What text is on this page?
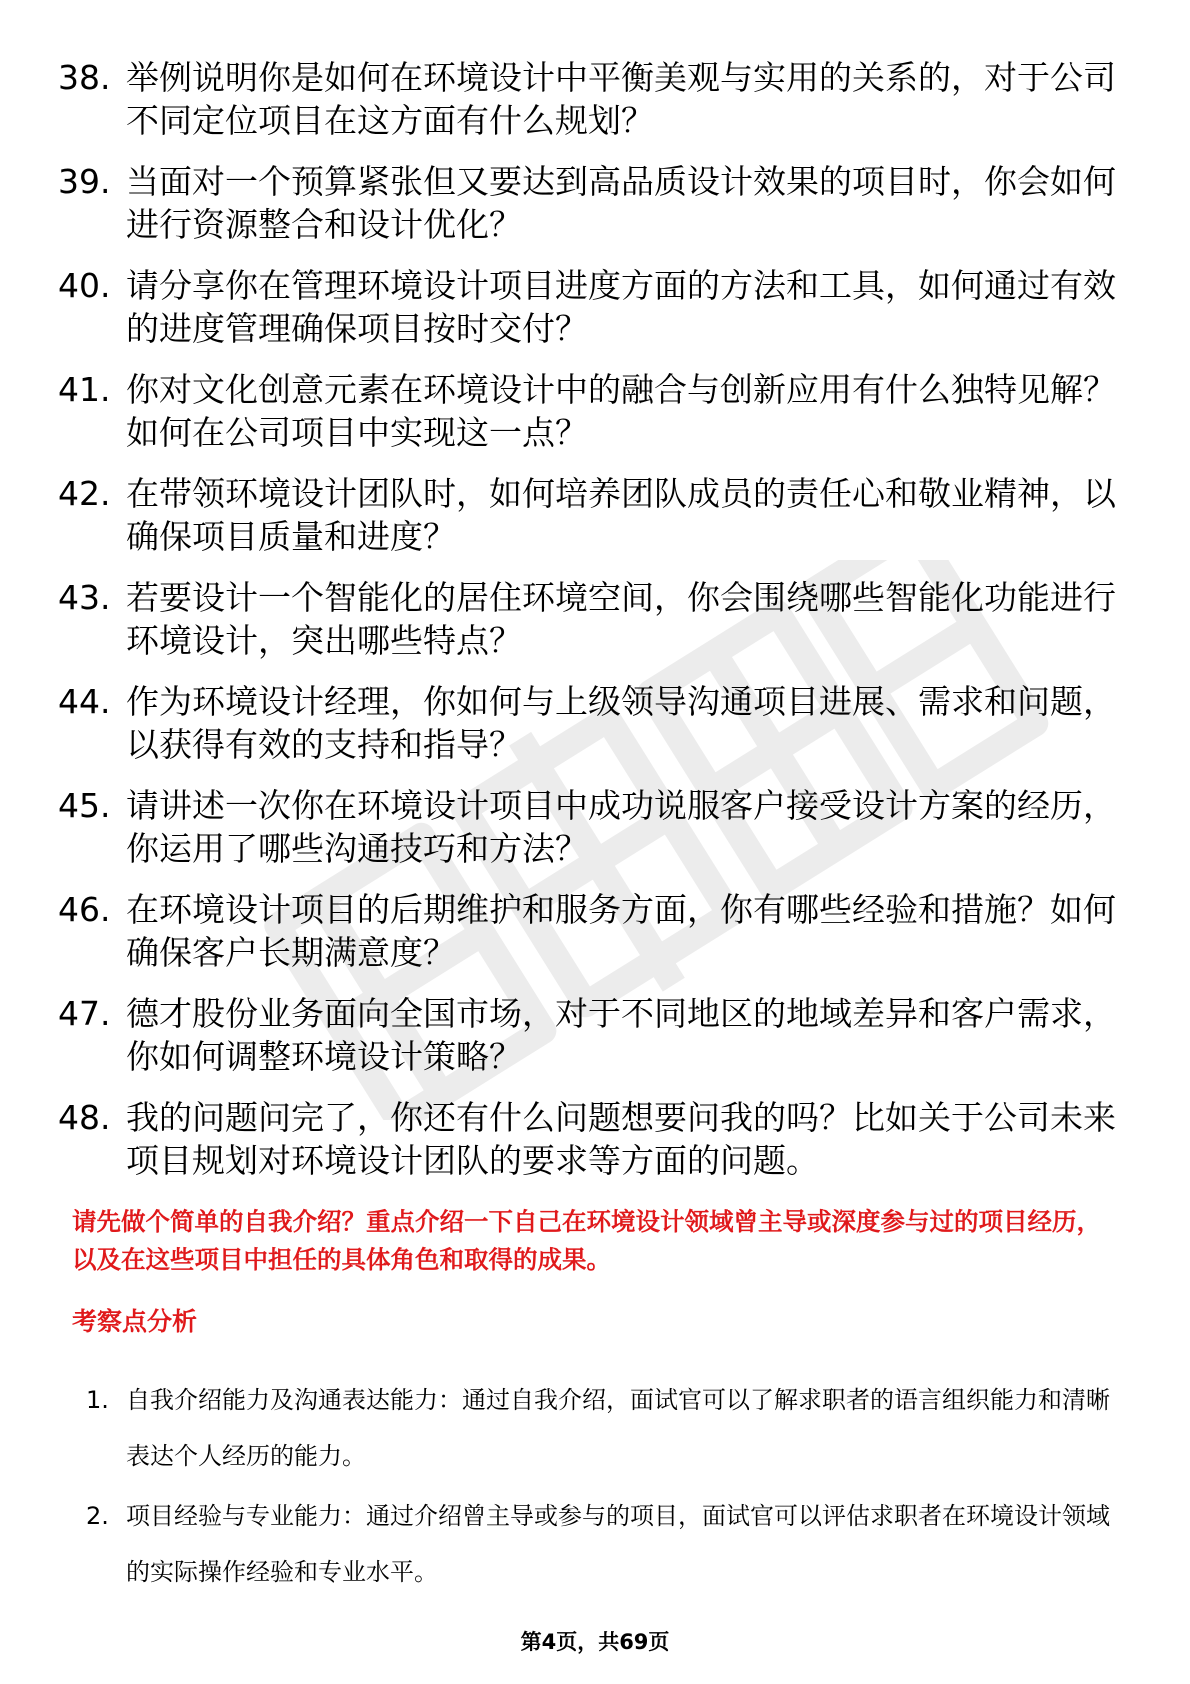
38. 举例说明你是如何在环境设计中平衡美观与实用的关系的，对于公司不同定位项目在这方面有什么规划？
39. 当面对一个预算紧张但又要达到高品质设计效果的项目时，你会如何进行资源整合和设计优化？
40. 请分享你在管理环境设计项目进度方面的方法和工具，如何通过有效的进度管理确保项目按时交付？
41. 你对文化创意元素在环境设计中的融合与创新应用有什么独特见解？如何在公司项目中实现这一点？
42. 在带领环境设计团队时，如何培养团队成员的责任心和敬业精神，以确保项目质量和进度？
43. 若要设计一个智能化的居住环境空间，你会围绕哪些智能化功能进行环境设计，突出哪些特点？
44. 作为环境设计经理，你如何与上级领导沟通项目进展、需求和问题，以获得有效的支持和指导？
45. 请讲述一次你在环境设计项目中成功说服客户接受设计方案的经历，你运用了哪些沟通技巧和方法？
46. 在环境设计项目的后期维护和服务方面，你有哪些经验和措施？如何确保客户长期满意度？
47. 德才股份业务面向全国市场，对于不同地区的地域差异和客户需求，你如何调整环境设计策略？
48. 我的问题问完了，你还有什么问题想要问我的吗？比如关于公司未来项目规划对环境设计团队的要求等方面的问题。
请先做个简单的自我介绍？重点介绍一下自己在环境设计领域曾主导或深度参与过的项目经历，以及在这些项目中担任的具体角色和取得的成果。
考察点分析
1. 自我介绍能力及沟通表达能力：通过自我介绍，面试官可以了解求职者的语言组织能力和清晰表达个人经历的能力。
2. 项目经验与专业能力：通过介绍曾主导或参与的项目，面试官可以评估求职者在环境设计领域的实际操作经验和专业水平。
第4页，共69页
